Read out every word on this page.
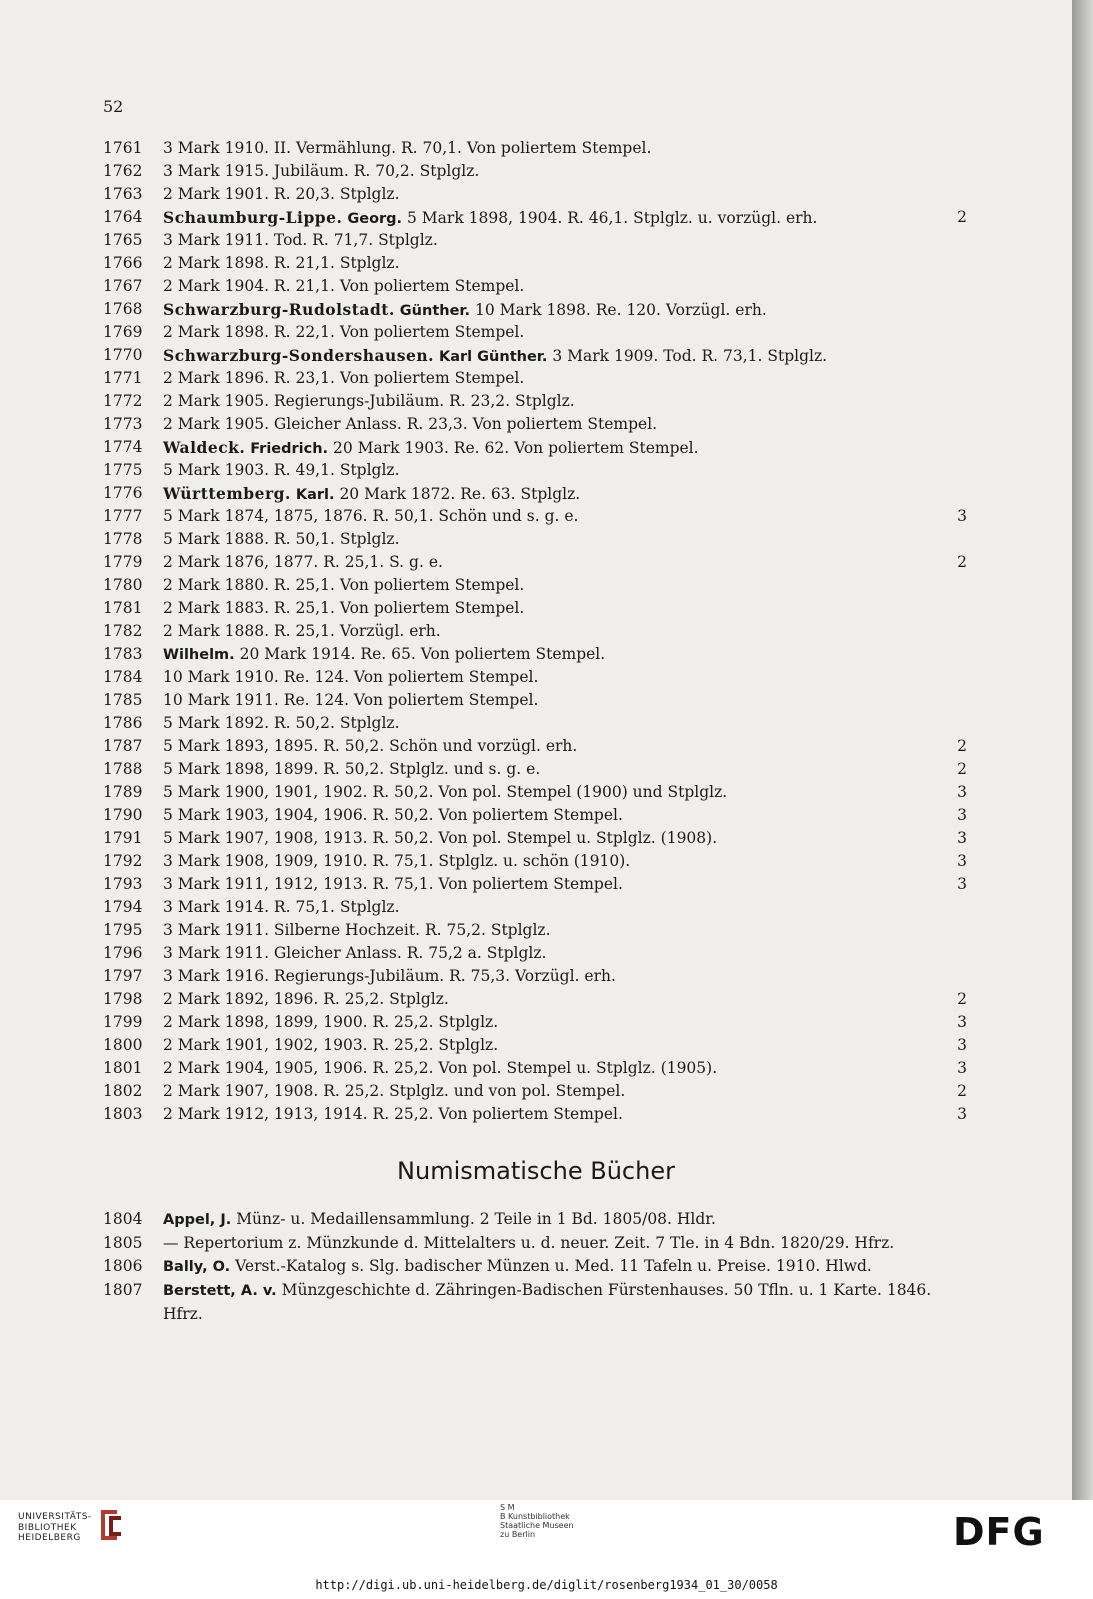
52
1761	3 Mark 1910. II. Vermählung. R. 70,1. Von poliertem Stempel.
1762	3 Mark 1915. Jubiläum. R. 70,2. Stplglz.
1763	2 Mark 1901. R. 20,3. Stplglz.
1764	Schaumburg-Lippe. Georg. 5 Mark 1898, 1904. R. 46,1. Stplglz. u. vorzügl. erh.	2
1765	3 Mark 1911. Tod. R. 71,7. Stplglz.
1766	2 Mark 1898. R. 21,1. Stplglz.
1767	2 Mark 1904. R. 21,1. Von poliertem Stempel.
1768	Schwarzburg-Rudolstadt. Günther. 10 Mark 1898. Re. 120. Vorzügl. erh.
1769	2 Mark 1898. R. 22,1. Von poliertem Stempel.
1770	Schwarzburg-Sondershausen. Karl Günther. 3 Mark 1909. Tod. R. 73,1. Stplglz.
1771	2 Mark 1896. R. 23,1. Von poliertem Stempel.
1772	2 Mark 1905. Regierungs-Jubiläum. R. 23,2. Stplglz.
1773	2 Mark 1905. Gleicher Anlass. R. 23,3. Von poliertem Stempel.
1774	Waldeck. Friedrich. 20 Mark 1903. Re. 62. Von poliertem Stempel.
1775	5 Mark 1903. R. 49,1. Stplglz.
1776	Württemberg. Karl. 20 Mark 1872. Re. 63. Stplglz.
1777	5 Mark 1874, 1875, 1876. R. 50,1. Schön und s. g. e.	3
1778	5 Mark 1888. R. 50,1. Stplglz.
1779	2 Mark 1876, 1877. R. 25,1. S. g. e.	2
1780	2 Mark 1880. R. 25,1. Von poliertem Stempel.
1781	2 Mark 1883. R. 25,1. Von poliertem Stempel.
1782	2 Mark 1888. R. 25,1. Vorzügl. erh.
1783	Wilhelm. 20 Mark 1914. Re. 65. Von poliertem Stempel.
1784	10 Mark 1910. Re. 124. Von poliertem Stempel.
1785	10 Mark 1911. Re. 124. Von poliertem Stempel.
1786	5 Mark 1892. R. 50,2. Stplglz.
1787	5 Mark 1893, 1895. R. 50,2. Schön und vorzügl. erh.	2
1788	5 Mark 1898, 1899. R. 50,2. Stplglz. und s. g. e.	2
1789	5 Mark 1900, 1901, 1902. R. 50,2. Von pol. Stempel (1900) und Stplglz.	3
1790	5 Mark 1903, 1904, 1906. R. 50,2. Von poliertem Stempel.	3
1791	5 Mark 1907, 1908, 1913. R. 50,2. Von pol. Stempel u. Stplglz. (1908).	3
1792	3 Mark 1908, 1909, 1910. R. 75,1. Stplglz. u. schön (1910).	3
1793	3 Mark 1911, 1912, 1913. R. 75,1. Von poliertem Stempel.	3
1794	3 Mark 1914. R. 75,1. Stplglz.
1795	3 Mark 1911. Silberne Hochzeit. R. 75,2. Stplglz.
1796	3 Mark 1911. Gleicher Anlass. R. 75,2 a. Stplglz.
1797	3 Mark 1916. Regierungs-Jubiläum. R. 75,3. Vorzügl. erh.
1798	2 Mark 1892, 1896. R. 25,2. Stplglz.	2
1799	2 Mark 1898, 1899, 1900. R. 25,2. Stplglz.	3
1800	2 Mark 1901, 1902, 1903. R. 25,2. Stplglz.	3
1801	2 Mark 1904, 1905, 1906. R. 25,2. Von pol. Stempel u. Stplglz. (1905).	3
1802	2 Mark 1907, 1908. R. 25,2. Stplglz. und von pol. Stempel.	2
1803	2 Mark 1912, 1913, 1914. R. 25,2. Von poliertem Stempel.	3
Numismatische Bücher
1804 Appel, J. Münz- u. Medaillensammlung. 2 Teile in 1 Bd. 1805/08. Hldr.
1805 — Repertorium z. Münzkunde d. Mittelalters u. d. neuer. Zeit. 7 Tle. in 4 Bdn. 1820/29. Hfrz.
1806 Bally, O. Verst.-Katalog s. Slg. badischer Münzen u. Med. 11 Tafeln u. Preise. 1910. Hlwd.
1807 Berstett, A. v. Münzgeschichte d. Zähringen-Badischen Fürstenhauses. 50 Tfln. u. 1 Karte. 1846. Hfrz.
UNIVERSITÄTS-
BIBLIOTHEK
HEIDELBERG
S M
B Kunstbibliothek
Staatliche Museen
zu Berlin	DFG
http://digi.ub.uni-heidelberg.de/diglit/rosenberg1934_01_30/0058
